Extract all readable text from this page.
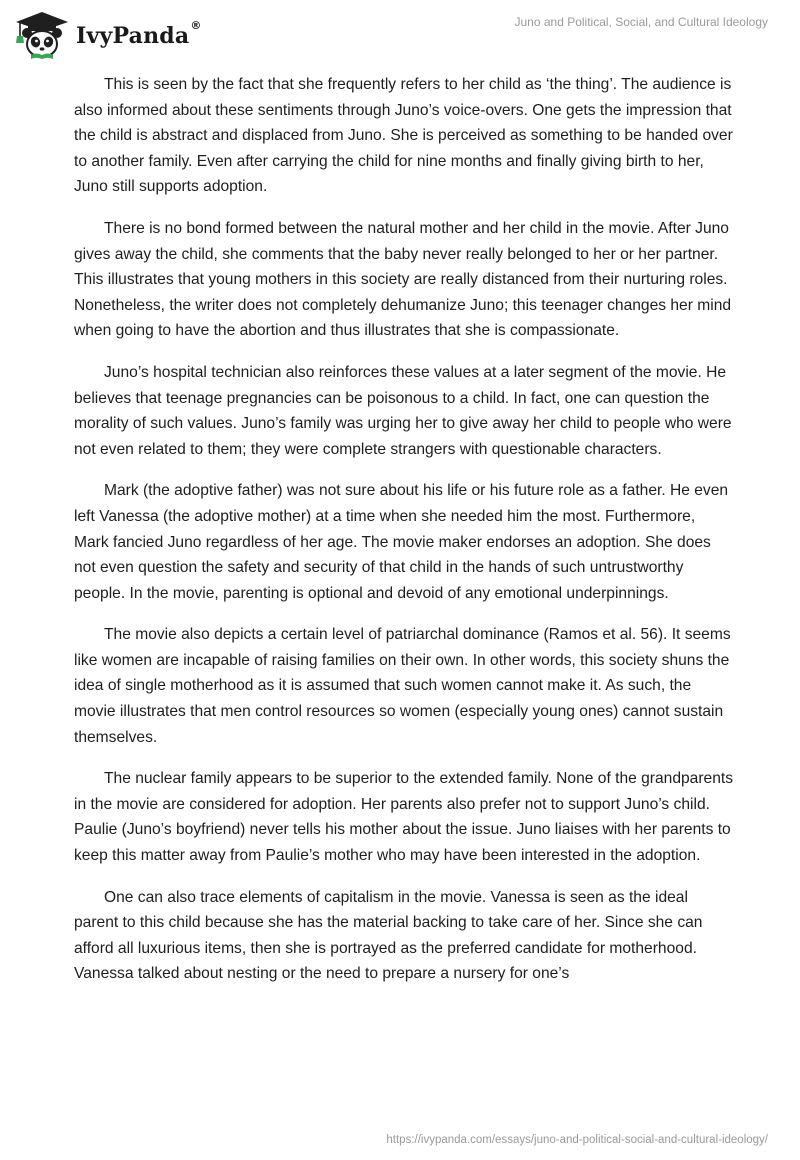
IvyPanda®	Juno and Political, Social, and Cultural Ideology

This is seen by the fact that she frequently refers to her child as ‘the thing’. The audience is also informed about these sentiments through Juno’s voice-overs. One gets the impression that the child is abstract and displaced from Juno. She is perceived as something to be handed over to another family. Even after carrying the child for nine months and finally giving birth to her, Juno still supports adoption.

There is no bond formed between the natural mother and her child in the movie. After Juno gives away the child, she comments that the baby never really belonged to her or her partner. This illustrates that young mothers in this society are really distanced from their nurturing roles. Nonetheless, the writer does not completely dehumanize Juno; this teenager changes her mind when going to have the abortion and thus illustrates that she is compassionate.

Juno’s hospital technician also reinforces these values at a later segment of the movie. He believes that teenage pregnancies can be poisonous to a child. In fact, one can question the morality of such values. Juno’s family was urging her to give away her child to people who were not even related to them; they were complete strangers with questionable characters.

Mark (the adoptive father) was not sure about his life or his future role as a father. He even left Vanessa (the adoptive mother) at a time when she needed him the most. Furthermore, Mark fancied Juno regardless of her age. The movie maker endorses an adoption. She does not even question the safety and security of that child in the hands of such untrustworthy people. In the movie, parenting is optional and devoid of any emotional underpinnings.

The movie also depicts a certain level of patriarchal dominance (Ramos et al. 56). It seems like women are incapable of raising families on their own. In other words, this society shuns the idea of single motherhood as it is assumed that such women cannot make it. As such, the movie illustrates that men control resources so women (especially young ones) cannot sustain themselves.

The nuclear family appears to be superior to the extended family. None of the grandparents in the movie are considered for adoption. Her parents also prefer not to support Juno’s child. Paulie (Juno’s boyfriend) never tells his mother about the issue. Juno liaises with her parents to keep this matter away from Paulie’s mother who may have been interested in the adoption.

One can also trace elements of capitalism in the movie. Vanessa is seen as the ideal parent to this child because she has the material backing to take care of her. Since she can afford all luxurious items, then she is portrayed as the preferred candidate for motherhood. Vanessa talked about nesting or the need to prepare a nursery for one’s

https://ivypanda.com/essays/juno-and-political-social-and-cultural-ideology/
